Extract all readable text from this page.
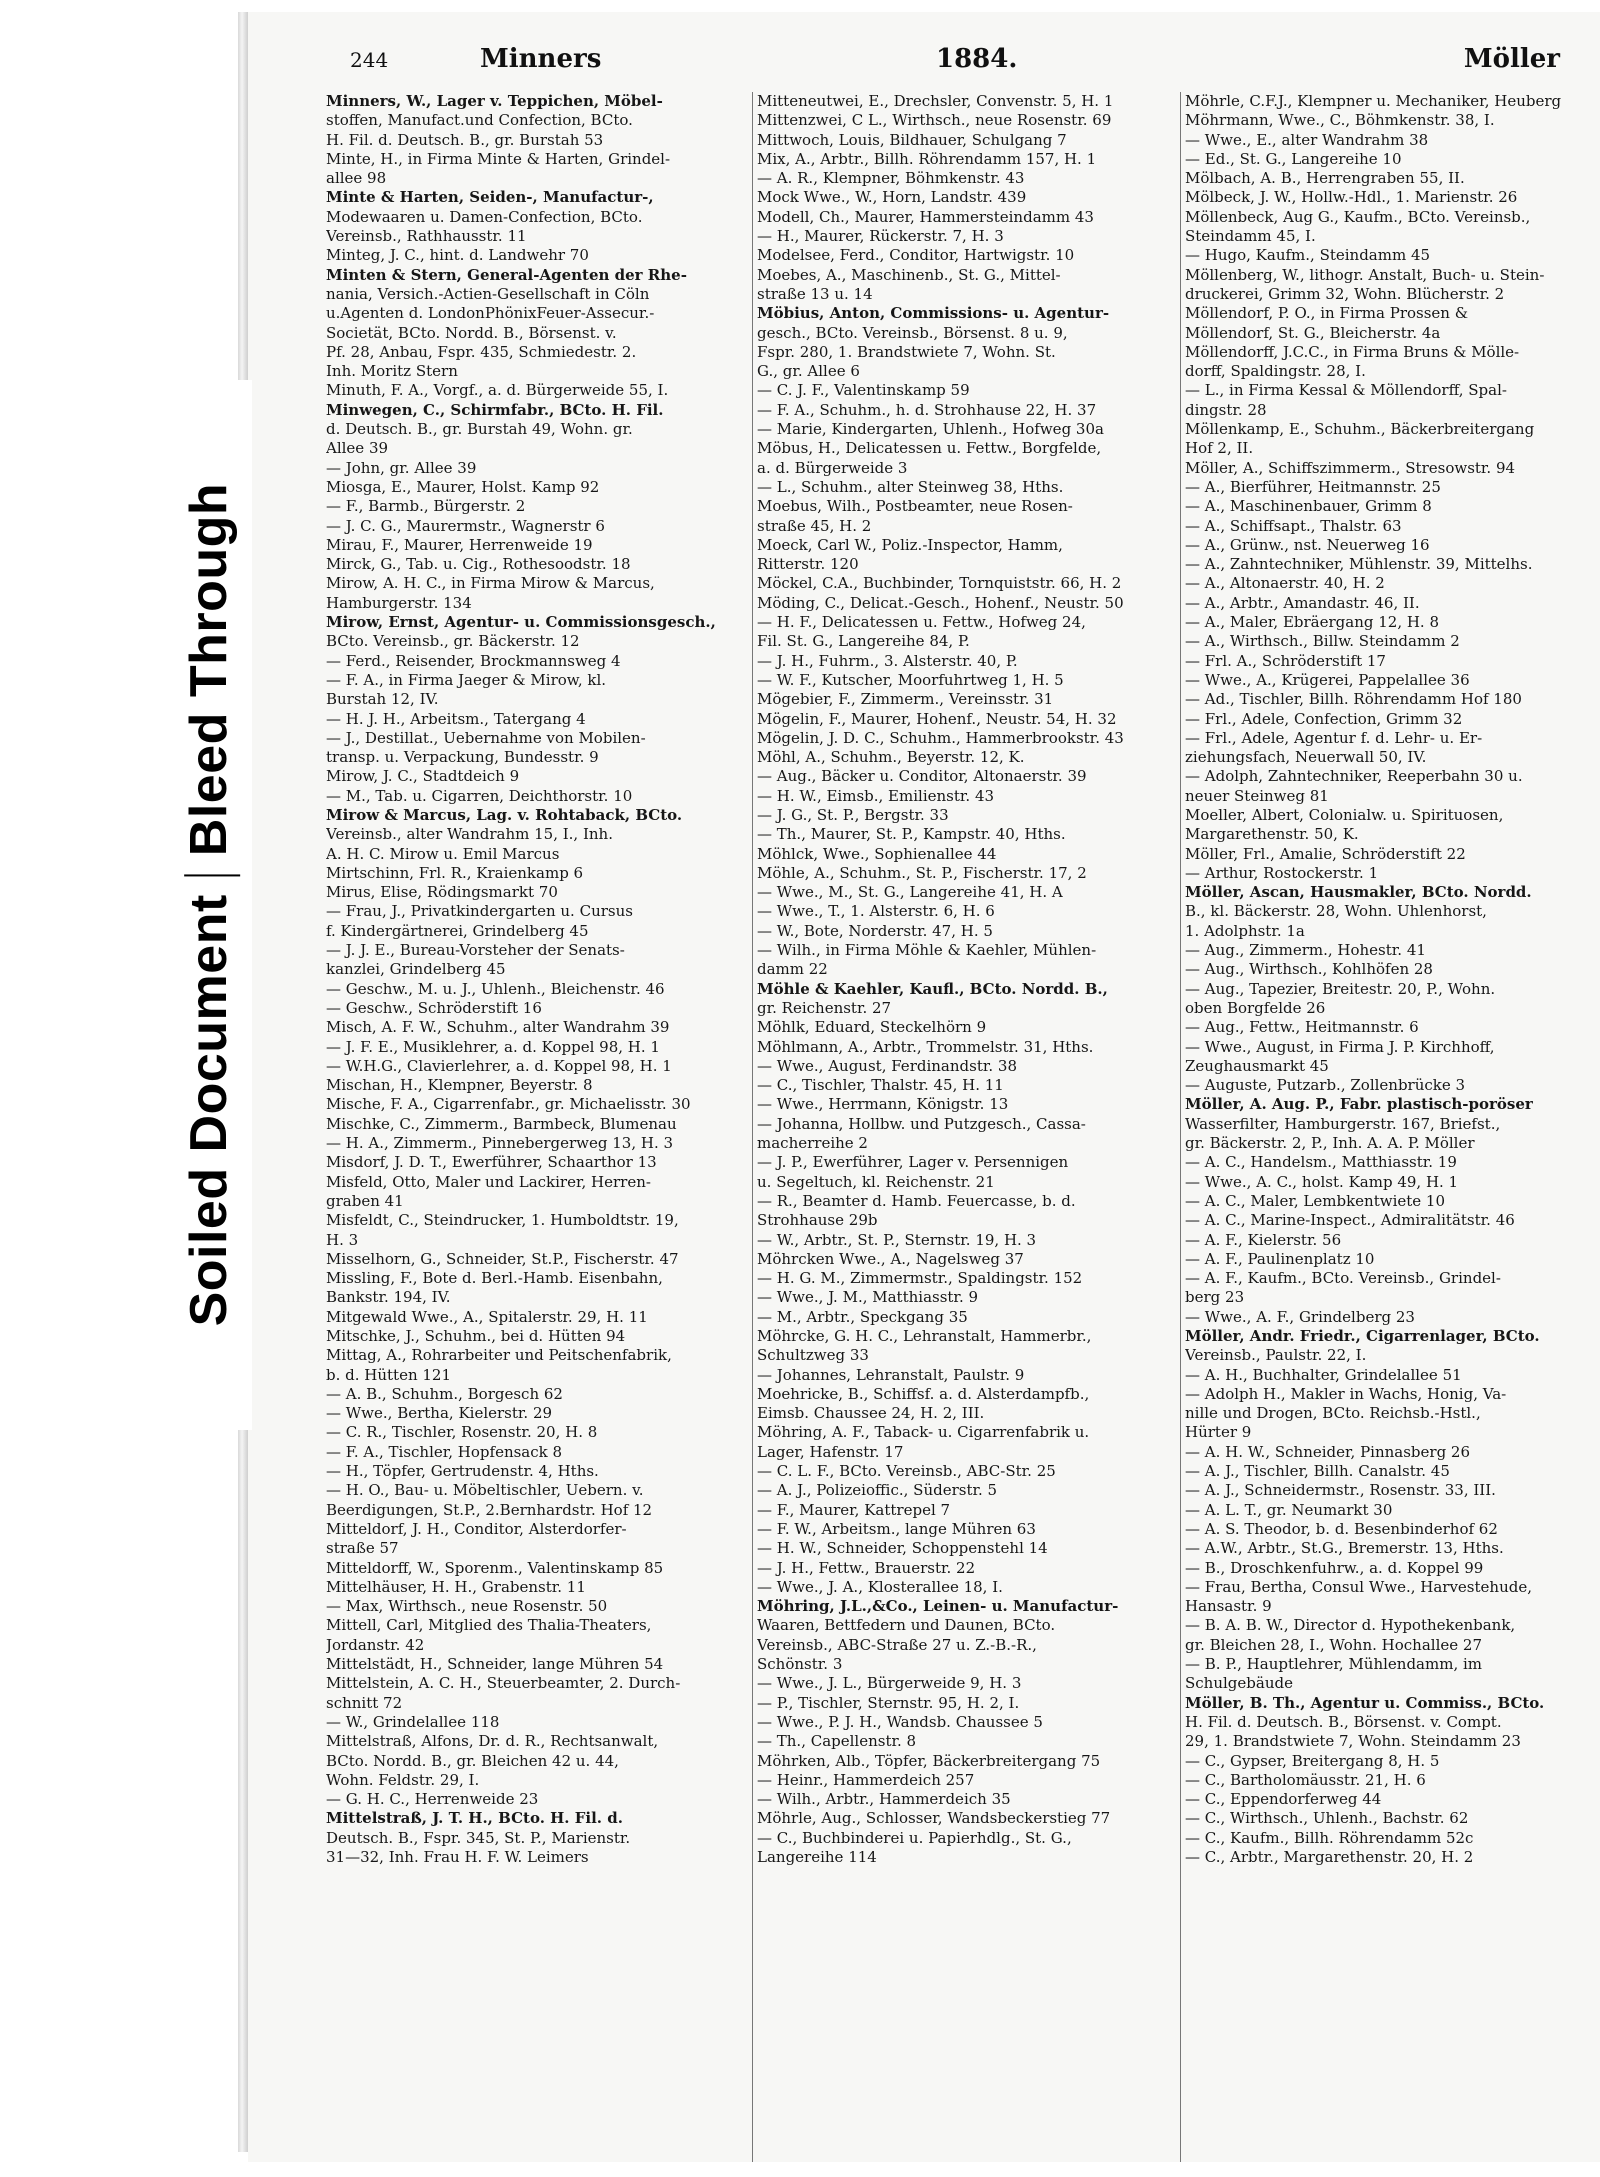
Soiled DocumentBleed Through
244	Minners	1884.	Möller
Minners, W., Lager v. Teppichen, Möbel-
stoffen, Manufact.und Confection, BCto.
H. Fil. d. Deutsch. B., gr. Burstah 53
Minte, H., in Firma Minte & Harten, Grindel-
allee 98
Minte & Harten, Seiden-, Manufactur-,
Modewaaren u. Damen-Confection, BCto.
Vereinsb., Rathhausstr. 11
Minteg, J. C., hint. d. Landwehr 70
Minten & Stern, General-Agenten der Rhe-
nania, Versich.-Actien-Gesellschaft in Cöln
u.Agenten d. LondonPhönixFeuer-Assecur.-
Societät, BCto. Nordd. B., Börsenst. v.
Pf. 28, Anbau, Fspr. 435, Schmiedestr. 2.
Inh. Moritz Stern
Minuth, F. A., Vorgf., a. d. Bürgerweide 55, I.
Minwegen, C., Schirmfabr., BCto. H. Fil.
d. Deutsch. B., gr. Burstah 49, Wohn. gr.
Allee 39
— John, gr. Allee 39
Miosga, E., Maurer, Holst. Kamp 92
— F., Barmb., Bürgerstr. 2
— J. C. G., Maurermstr., Wagnerstr 6
Mirau, F., Maurer, Herrenweide 19
Mirck, G., Tab. u. Cig., Rothesoodstr. 18
Mirow, A. H. C., in Firma Mirow & Marcus,
Hamburgerstr. 134
Mirow, Ernst, Agentur- u. Commissionsgesch.,
BCto. Vereinsb., gr. Bäckerstr. 12
— Ferd., Reisender, Brockmannsweg 4
— F. A., in Firma Jaeger & Mirow, kl.
Burstah 12, IV.
— H. J. H., Arbeitsm., Tatergang 4
— J., Destillat., Uebernahme von Mobilen-
transp. u. Verpackung, Bundesstr. 9
Mirow, J. C., Stadtdeich 9
— M., Tab. u. Cigarren, Deichthorstr. 10
Mirow & Marcus, Lag. v. Rohtaback, BCto.
Vereinsb., alter Wandrahm 15, I., Inh.
A. H. C. Mirow u. Emil Marcus
Mirtschinn, Frl. R., Kraienkamp 6
Mirus, Elise, Rödingsmarkt 70
— Frau, J., Privatkindergarten u. Cursus
f. Kindergärtnerei, Grindelberg 45
— J. J. E., Bureau-Vorsteher der Senats-
kanzlei, Grindelberg 45
— Geschw., M. u. J., Uhlenh., Bleichenstr. 46
— Geschw., Schröderstift 16
Misch, A. F. W., Schuhm., alter Wandrahm 39
— J. F. E., Musiklehrer, a. d. Koppel 98, H. 1
— W.H.G., Clavierlehrer, a. d. Koppel 98, H. 1
Mischan, H., Klempner, Beyerstr. 8
Mische, F. A., Cigarrenfabr., gr. Michaelisstr. 30
Mischke, C., Zimmerm., Barmbeck, Blumenau
— H. A., Zimmerm., Pinnebergerweg 13, H. 3
Misdorf, J. D. T., Ewerführer, Schaarthor 13
Misfeld, Otto, Maler und Lackirer, Herren-
graben 41
Misfeldt, C., Steindrucker, 1. Humboldtstr. 19,
H. 3
Misselhorn, G., Schneider, St.P., Fischerstr. 47
Missling, F., Bote d. Berl.-Hamb. Eisenbahn,
Bankstr. 194, IV.
Mitgewald Wwe., A., Spitalerstr. 29, H. 11
Mitschke, J., Schuhm., bei d. Hütten 94
Mittag, A., Rohrarbeiter und Peitschenfabrik,
b. d. Hütten 121
— A. B., Schuhm., Borgesch 62
— Wwe., Bertha, Kielerstr. 29
— C. R., Tischler, Rosenstr. 20, H. 8
— F. A., Tischler, Hopfensack 8
— H., Töpfer, Gertrudenstr. 4, Hths.
— H. O., Bau- u. Möbeltischler, Uebern. v.
Beerdigungen, St.P., 2.Bernhardstr. Hof 12
Mitteldorf, J. H., Conditor, Alsterdorfer-
straße 57
Mitteldorff, W., Sporenm., Valentinskamp 85
Mittelhäuser, H. H., Grabenstr. 11
— Max, Wirthsch., neue Rosenstr. 50
Mittell, Carl, Mitglied des Thalia-Theaters,
Jordanstr. 42
Mittelstädt, H., Schneider, lange Mühren 54
Mittelstein, A. C. H., Steuerbeamter, 2. Durch-
schnitt 72
— W., Grindelallee 118
Mittelstraß, Alfons, Dr. d. R., Rechtsanwalt,
BCto. Nordd. B., gr. Bleichen 42 u. 44,
Wohn. Feldstr. 29, I.
— G. H. C., Herrenweide 23
Mittelstraß, J. T. H., BCto. H. Fil. d.
Deutsch. B., Fspr. 345, St. P., Marienstr.
31—32, Inh. Frau H. F. W. Leimers
Mitteneutwei, E., Drechsler, Convenstr. 5, H. 1
Mittenzwei, C L., Wirthsch., neue Rosenstr. 69
Mittwoch, Louis, Bildhauer, Schulgang 7
Mix, A., Arbtr., Billh. Röhrendamm 157, H. 1
— A. R., Klempner, Böhmkenstr. 43
Mock Wwe., W., Horn, Landstr. 439
Modell, Ch., Maurer, Hammersteindamm 43
— H., Maurer, Rückerstr. 7, H. 3
Modelsee, Ferd., Conditor, Hartwigstr. 10
Moebes, A., Maschinenb., St. G., Mittel-
straße 13 u. 14
Möbius, Anton, Commissions- u. Agentur-
gesch., BCto. Vereinsb., Börsenst. 8 u. 9,
Fspr. 280, 1. Brandstwiete 7, Wohn. St.
G., gr. Allee 6
— C. J. F., Valentinskamp 59
— F. A., Schuhm., h. d. Strohhause 22, H. 37
— Marie, Kindergarten, Uhlenh., Hofweg 30a
Möbus, H., Delicatessen u. Fettw., Borgfelde,
a. d. Bürgerweide 3
— L., Schuhm., alter Steinweg 38, Hths.
Moebus, Wilh., Postbeamter, neue Rosen-
straße 45, H. 2
Moeck, Carl W., Poliz.-Inspector, Hamm,
Ritterstr. 120
Möckel, C.A., Buchbinder, Tornquiststr. 66, H. 2
Möding, C., Delicat.-Gesch., Hohenf., Neustr. 50
— H. F., Delicatessen u. Fettw., Hofweg 24,
Fil. St. G., Langereihe 84, P.
— J. H., Fuhrm., 3. Alsterstr. 40, P.
— W. F., Kutscher, Moorfuhrtweg 1, H. 5
Mögebier, F., Zimmerm., Vereinsstr. 31
Mögelin, F., Maurer, Hohenf., Neustr. 54, H. 32
Mögelin, J. D. C., Schuhm., Hammerbrookstr. 43
Möhl, A., Schuhm., Beyerstr. 12, K.
— Aug., Bäcker u. Conditor, Altonaerstr. 39
— H. W., Eimsb., Emilienstr. 43
— J. G., St. P., Bergstr. 33
— Th., Maurer, St. P., Kampstr. 40, Hths.
Möhlck, Wwe., Sophienallee 44
Möhle, A., Schuhm., St. P., Fischerstr. 17, 2
— Wwe., M., St. G., Langereihe 41, H. A
— Wwe., T., 1. Alsterstr. 6, H. 6
— W., Bote, Norderstr. 47, H. 5
— Wilh., in Firma Möhle & Kaehler, Mühlen-
damm 22
Möhle & Kaehler, Kaufl., BCto. Nordd. B.,
gr. Reichenstr. 27
Möhlk, Eduard, Steckelhörn 9
Möhlmann, A., Arbtr., Trommelstr. 31, Hths.
— Wwe., August, Ferdinandstr. 38
— C., Tischler, Thalstr. 45, H. 11
— Wwe., Herrmann, Königstr. 13
— Johanna, Hollbw. und Putzgesch., Cassa-
macherreihe 2
— J. P., Ewerführer, Lager v. Persennigen
u. Segeltuch, kl. Reichenstr. 21
— R., Beamter d. Hamb. Feuercasse, b. d.
Strohhause 29b
— W., Arbtr., St. P., Sternstr. 19, H. 3
Möhrcken Wwe., A., Nagelsweg 37
— H. G. M., Zimmermstr., Spaldingstr. 152
— Wwe., J. M., Matthiasstr. 9
— M., Arbtr., Speckgang 35
Möhrcke, G. H. C., Lehranstalt, Hammerbr.,
Schultzweg 33
— Johannes, Lehranstalt, Paulstr. 9
Moehricke, B., Schiffsf. a. d. Alsterdampfb.,
Eimsb. Chaussee 24, H. 2, III.
Möhring, A. F., Taback- u. Cigarrenfabrik u.
Lager, Hafenstr. 17
— C. L. F., BCto. Vereinsb., ABC-Str. 25
— A. J., Polizeioffic., Süderstr. 5
— F., Maurer, Kattrepel 7
— F. W., Arbeitsm., lange Mühren 63
— H. W., Schneider, Schoppenstehl 14
— J. H., Fettw., Brauerstr. 22
— Wwe., J. A., Klosterallee 18, I.
Möhring, J.L.,&Co., Leinen- u. Manufactur-
Waaren, Bettfedern und Daunen, BCto.
Vereinsb., ABC-Straße 27 u. Z.-B.-R.,
Schönstr. 3
— Wwe., J. L., Bürgerweide 9, H. 3
— P., Tischler, Sternstr. 95, H. 2, I.
— Wwe., P. J. H., Wandsb. Chaussee 5
— Th., Capellenstr. 8
Möhrken, Alb., Töpfer, Bäckerbreitergang 75
— Heinr., Hammerdeich 257
— Wilh., Arbtr., Hammerdeich 35
Möhrle, Aug., Schlosser, Wandsbeckerstieg 77
— C., Buchbinderei u. Papierhdlg., St. G.,
Langereihe 114
Möhrle, C.F.J., Klempner u. Mechaniker, Heuberg
Möhrmann, Wwe., C., Böhmkenstr. 38, I.
— Wwe., E., alter Wandrahm 38
— Ed., St. G., Langereihe 10
Mölbach, A. B., Herrengraben 55, II.
Mölbeck, J. W., Hollw.-Hdl., 1. Marienstr. 26
Möllenbeck, Aug G., Kaufm., BCto. Vereinsb.,
Steindamm 45, I.
— Hugo, Kaufm., Steindamm 45
Möllenberg, W., lithogr. Anstalt, Buch- u. Stein-
druckerei, Grimm 32, Wohn. Blücherstr. 2
Möllendorf, P. O., in Firma Prossen &
Möllendorf, St. G., Bleicherstr. 4a
Möllendorff, J.C.C., in Firma Bruns & Mölle-
dorff, Spaldingstr. 28, I.
— L., in Firma Kessal & Möllendorff, Spal-
dingstr. 28
Möllenkamp, E., Schuhm., Bäckerbreitergang
Hof 2, II.
Möller, A., Schiffszimmerm., Stresowstr. 94
— A., Bierführer, Heitmannstr. 25
— A., Maschinenbauer, Grimm 8
— A., Schiffsapt., Thalstr. 63
— A., Grünw., nst. Neuerweg 16
— A., Zahntechniker, Mühlenstr. 39, Mittelhs.
— A., Altonaerstr. 40, H. 2
— A., Arbtr., Amandastr. 46, II.
— A., Maler, Ebräergang 12, H. 8
— A., Wirthsch., Billw. Steindamm 2
— Frl. A., Schröderstift 17
— Wwe., A., Krügerei, Pappelallee 36
— Ad., Tischler, Billh. Röhrendamm Hof 180
— Frl., Adele, Confection, Grimm 32
— Frl., Adele, Agentur f. d. Lehr- u. Er-
ziehungsfach, Neuerwall 50, IV.
— Adolph, Zahntechniker, Reeperbahn 30 u.
neuer Steinweg 81
Moeller, Albert, Colonialw. u. Spirituosen,
Margarethenstr. 50, K.
Möller, Frl., Amalie, Schröderstift 22
— Arthur, Rostockerstr. 1
Möller, Ascan, Hausmakler, BCto. Nordd.
B., kl. Bäckerstr. 28, Wohn. Uhlenhorst,
1. Adolphstr. 1a
— Aug., Zimmerm., Hohestr. 41
— Aug., Wirthsch., Kohlhöfen 28
— Aug., Tapezier, Breitestr. 20, P., Wohn.
oben Borgfelde 26
— Aug., Fettw., Heitmannstr. 6
— Wwe., August, in Firma J. P. Kirchhoff,
Zeughausmarkt 45
— Auguste, Putzarb., Zollenbrücke 3
Möller, A. Aug. P., Fabr. plastisch-poröser
Wasserfilter, Hamburgerstr. 167, Briefst.,
gr. Bäckerstr. 2, P., Inh. A. A. P. Möller
— A. C., Handelsm., Matthiasstr. 19
— Wwe., A. C., holst. Kamp 49, H. 1
— A. C., Maler, Lembkentwiete 10
— A. C., Marine-Inspect., Admiralitätstr. 46
— A. F., Kielerstr. 56
— A. F., Paulinenplatz 10
— A. F., Kaufm., BCto. Vereinsb., Grindel-
berg 23
— Wwe., A. F., Grindelberg 23
Möller, Andr. Friedr., Cigarrenlager, BCto.
Vereinsb., Paulstr. 22, I.
— A. H., Buchhalter, Grindelallee 51
— Adolph H., Makler in Wachs, Honig, Va-
nille und Drogen, BCto. Reichsb.-Hstl.,
Hürter 9
— A. H. W., Schneider, Pinnasberg 26
— A. J., Tischler, Billh. Canalstr. 45
— A. J., Schneidermstr., Rosenstr. 33, III.
— A. L. T., gr. Neumarkt 30
— A. S. Theodor, b. d. Besenbinderhof 62
— A.W., Arbtr., St.G., Bremerstr. 13, Hths.
— B., Droschkenfuhrw., a. d. Koppel 99
— Frau, Bertha, Consul Wwe., Harvestehude,
Hansastr. 9
— B. A. B. W., Director d. Hypothekenbank,
gr. Bleichen 28, I., Wohn. Hochallee 27
— B. P., Hauptlehrer, Mühlendamm, im
Schulgebäude
Möller, B. Th., Agentur u. Commiss., BCto.
H. Fil. d. Deutsch. B., Börsenst. v. Compt.
29, 1. Brandstwiete 7, Wohn. Steindamm 23
— C., Gypser, Breitergang 8, H. 5
— C., Bartholomäusstr. 21, H. 6
— C., Eppendorferweg 44
— C., Wirthsch., Uhlenh., Bachstr. 62
— C., Kaufm., Billh. Röhrendamm 52c
— C., Arbtr., Margarethenstr. 20, H. 2
